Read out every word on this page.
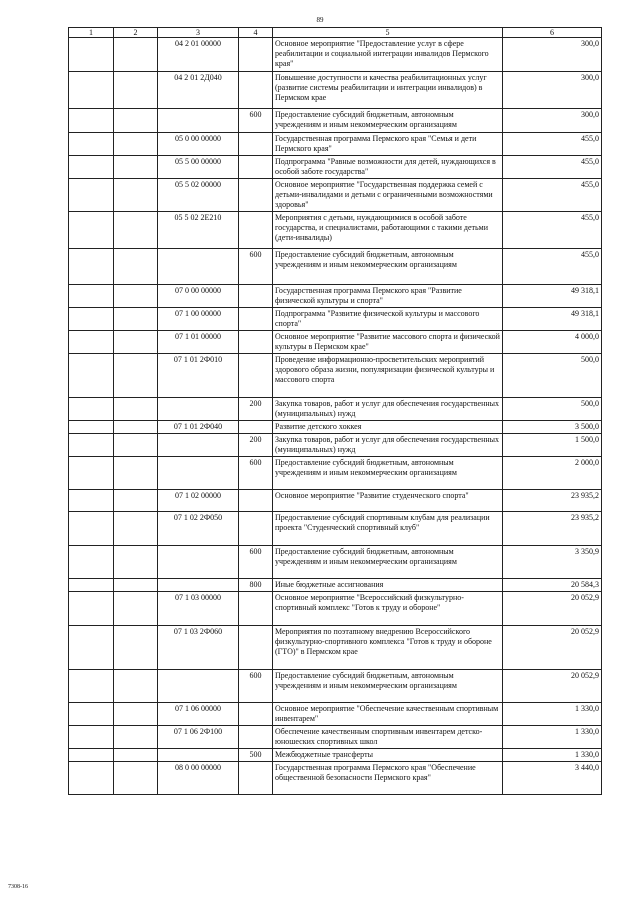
89
1	2	3	4	5	6
		04 2 01 00000		Основное мероприятие "Предоставление услуг в сфере реабилитации и социальной интеграции инвалидов Пермского края"	300,0
		04 2 01 2Д040		Повышение доступности и качества реабилитационных услуг (развитие системы реабилитации и интеграции инвалидов) в Пермском крае	300,0
			600	Предоставление субсидий бюджетным, автономным учреждениям и иным некоммерческим организациям	300,0
		05 0 00 00000		Государственная программа Пермского края "Семья и дети Пермского края"	455,0
		05 5 00 00000		Подпрограмма "Равные возможности для детей, нуждающихся в особой заботе государства"	455,0
		05 5 02 00000		Основное мероприятие "Государственная поддержка семей с детьми-инвалидами и детьми с ограниченными возможностями здоровья"	455,0
		05 5 02 2Е210		Мероприятия с детьми, нуждающимися в особой заботе государства, и специалистами, работающими с такими детьми (дети-инвалиды)	455,0
			600	Предоставление субсидий бюджетным, автономным учреждениям и иным некоммерческим организациям	455,0
		07 0 00 00000		Государственная программа Пермского края "Развитие физической культуры и спорта"	49 318,1
		07 1 00 00000		Подпрограмма "Развитие физической культуры и массового спорта"	49 318,1
		07 1 01 00000		Основное мероприятие "Развитие массового спорта и физической культуры в Пермском крае"	4 000,0
		07 1 01 2Ф010		Проведение информационно-просветительских мероприятий здорового образа жизни, популяризации физической культуры и массового спорта	500,0
			200	Закупка товаров, работ и услуг для обеспечения государственных (муниципальных) нужд	500,0
		07 1 01 2Ф040		Развитие детского хоккея	3 500,0
			200	Закупка товаров, работ и услуг для обеспечения государственных (муниципальных) нужд	1 500,0
			600	Предоставление субсидий бюджетным, автономным учреждениям и иным некоммерческим организациям	2 000,0
		07 1 02 00000		Основное мероприятие "Развитие студенческого спорта"	23 935,2
		07 1 02 2Ф050		Предоставление субсидий спортивным клубам для реализации проекта "Студенческий спортивный клуб"	23 935,2
			600	Предоставление субсидий бюджетным, автономным учреждениям и иным некоммерческим организациям	3 350,9
			800	Иные бюджетные ассигнования	20 584,3
		07 1 03 00000		Основное мероприятие "Всероссийский физкультурно-спортивный комплекс "Готов к труду и обороне"	20 052,9
		07 1 03 2Ф060		Мероприятия по поэтапному внедрению Всероссийского физкультурно-спортивного комплекса "Готов к труду и обороне (ГТО)" в Пермском крае	20 052,9
			600	Предоставление субсидий бюджетным, автономным учреждениям и иным некоммерческим организациям	20 052,9
		07 1 06 00000		Основное мероприятие "Обеспечение качественным спортивным инвентарем"	1 330,0
		07 1 06 2Ф100		Обеспечение качественным спортивным инвентарем детско-юношеских спортивных школ	1 330,0
			500	Межбюджетные трансферты	1 330,0
		08 0 00 00000		Государственная программа Пермского края "Обеспечение общественной безопасности Пермского края"	3 440,0
7308-16
